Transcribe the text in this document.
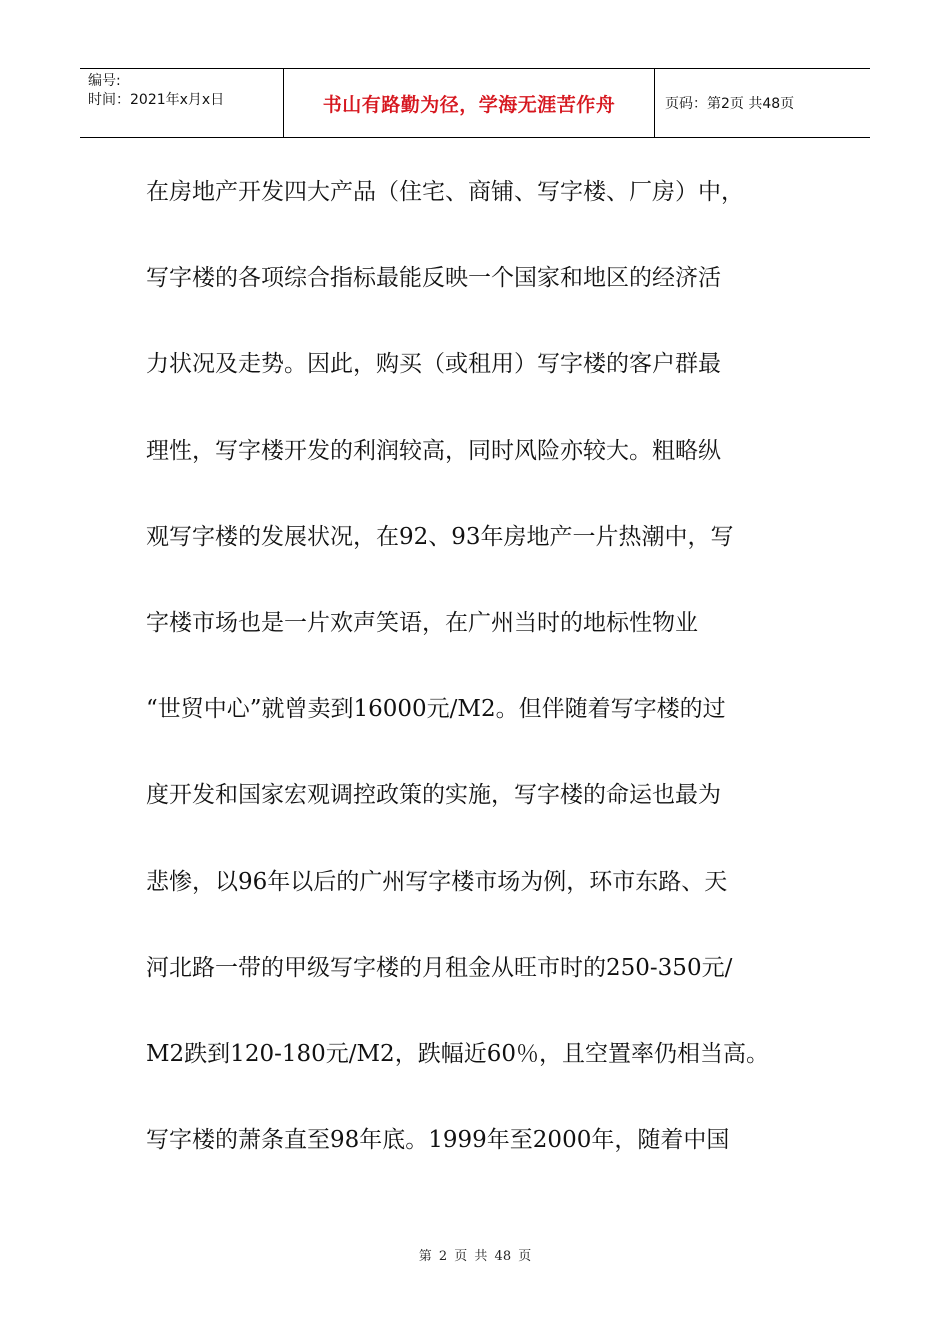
编号:
时间：2021年x月x日	书山有路勤为径，学海无涯苦作舟	页码：第2页 共48页
在房地产开发四大产品（住宅、商铺、写字楼、厂房）中，
写字楼的各项综合指标最能反映一个国家和地区的经济活
力状况及走势。因此，购买（或租用）写字楼的客户群最
理性，写字楼开发的利润较高，同时风险亦较大。粗略纵
观写字楼的发展状况，在92、93年房地产一片热潮中，写
字楼市场也是一片欢声笑语，在广州当时的地标性物业
“世贸中心”就曾卖到16000元/M2。但伴随着写字楼的过
度开发和国家宏观调控政策的实施，写字楼的命运也最为
悲惨，以96年以后的广州写字楼市场为例，环市东路、天
河北路一带的甲级写字楼的月租金从旺市时的250-350元/
M2跌到120-180元/M2，跌幅近60％，且空置率仍相当高。
写字楼的萧条直至98年底。1999年至2000年，随着中国
第 2 页 共 48 页
